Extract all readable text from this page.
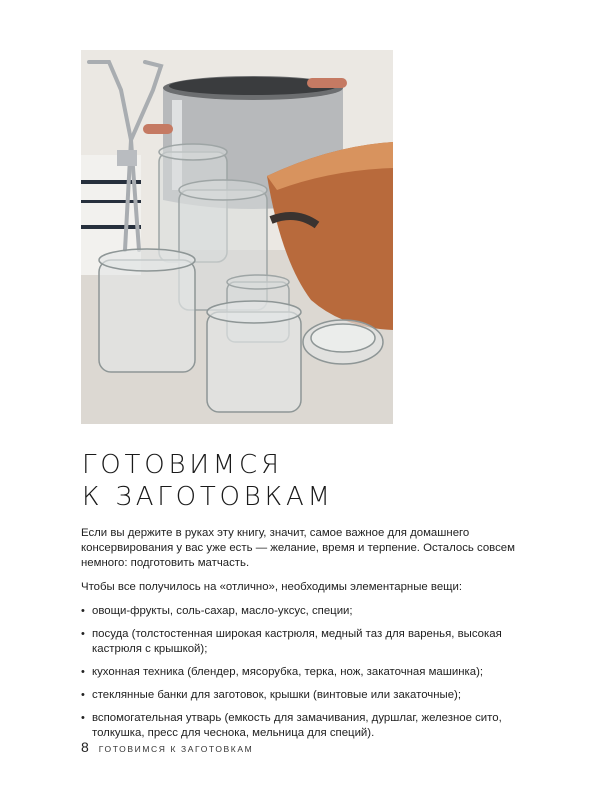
ГОТОВИМСЯ
К ЗАГОТОВКАМ

Если вы держите в руках эту книгу, значит, самое важное для домашнего консервирования у вас уже есть — желание, время и терпение. Осталось совсем немного: подготовить матчасть.

Чтобы все получилось на «отлично», необходимы элементарные вещи:

• овощи-фрукты, соль-сахар, масло-уксус, специи;
• посуда (толстостенная широкая кастрюля, медный таз для варенья, высокая кастрюля с крышкой);
• кухонная техника (блендер, мясорубка, терка, нож, закаточная машинка);
• стеклянные банки для заготовок, крышки (винтовые или закаточные);
• вспомогательная утварь (емкость для замачивания, дуршлаг, железное сито, толкушка, пресс для чеснока, мельница для специй).
8 ГОТОВИМСЯ К ЗАГОТОВКАМ
